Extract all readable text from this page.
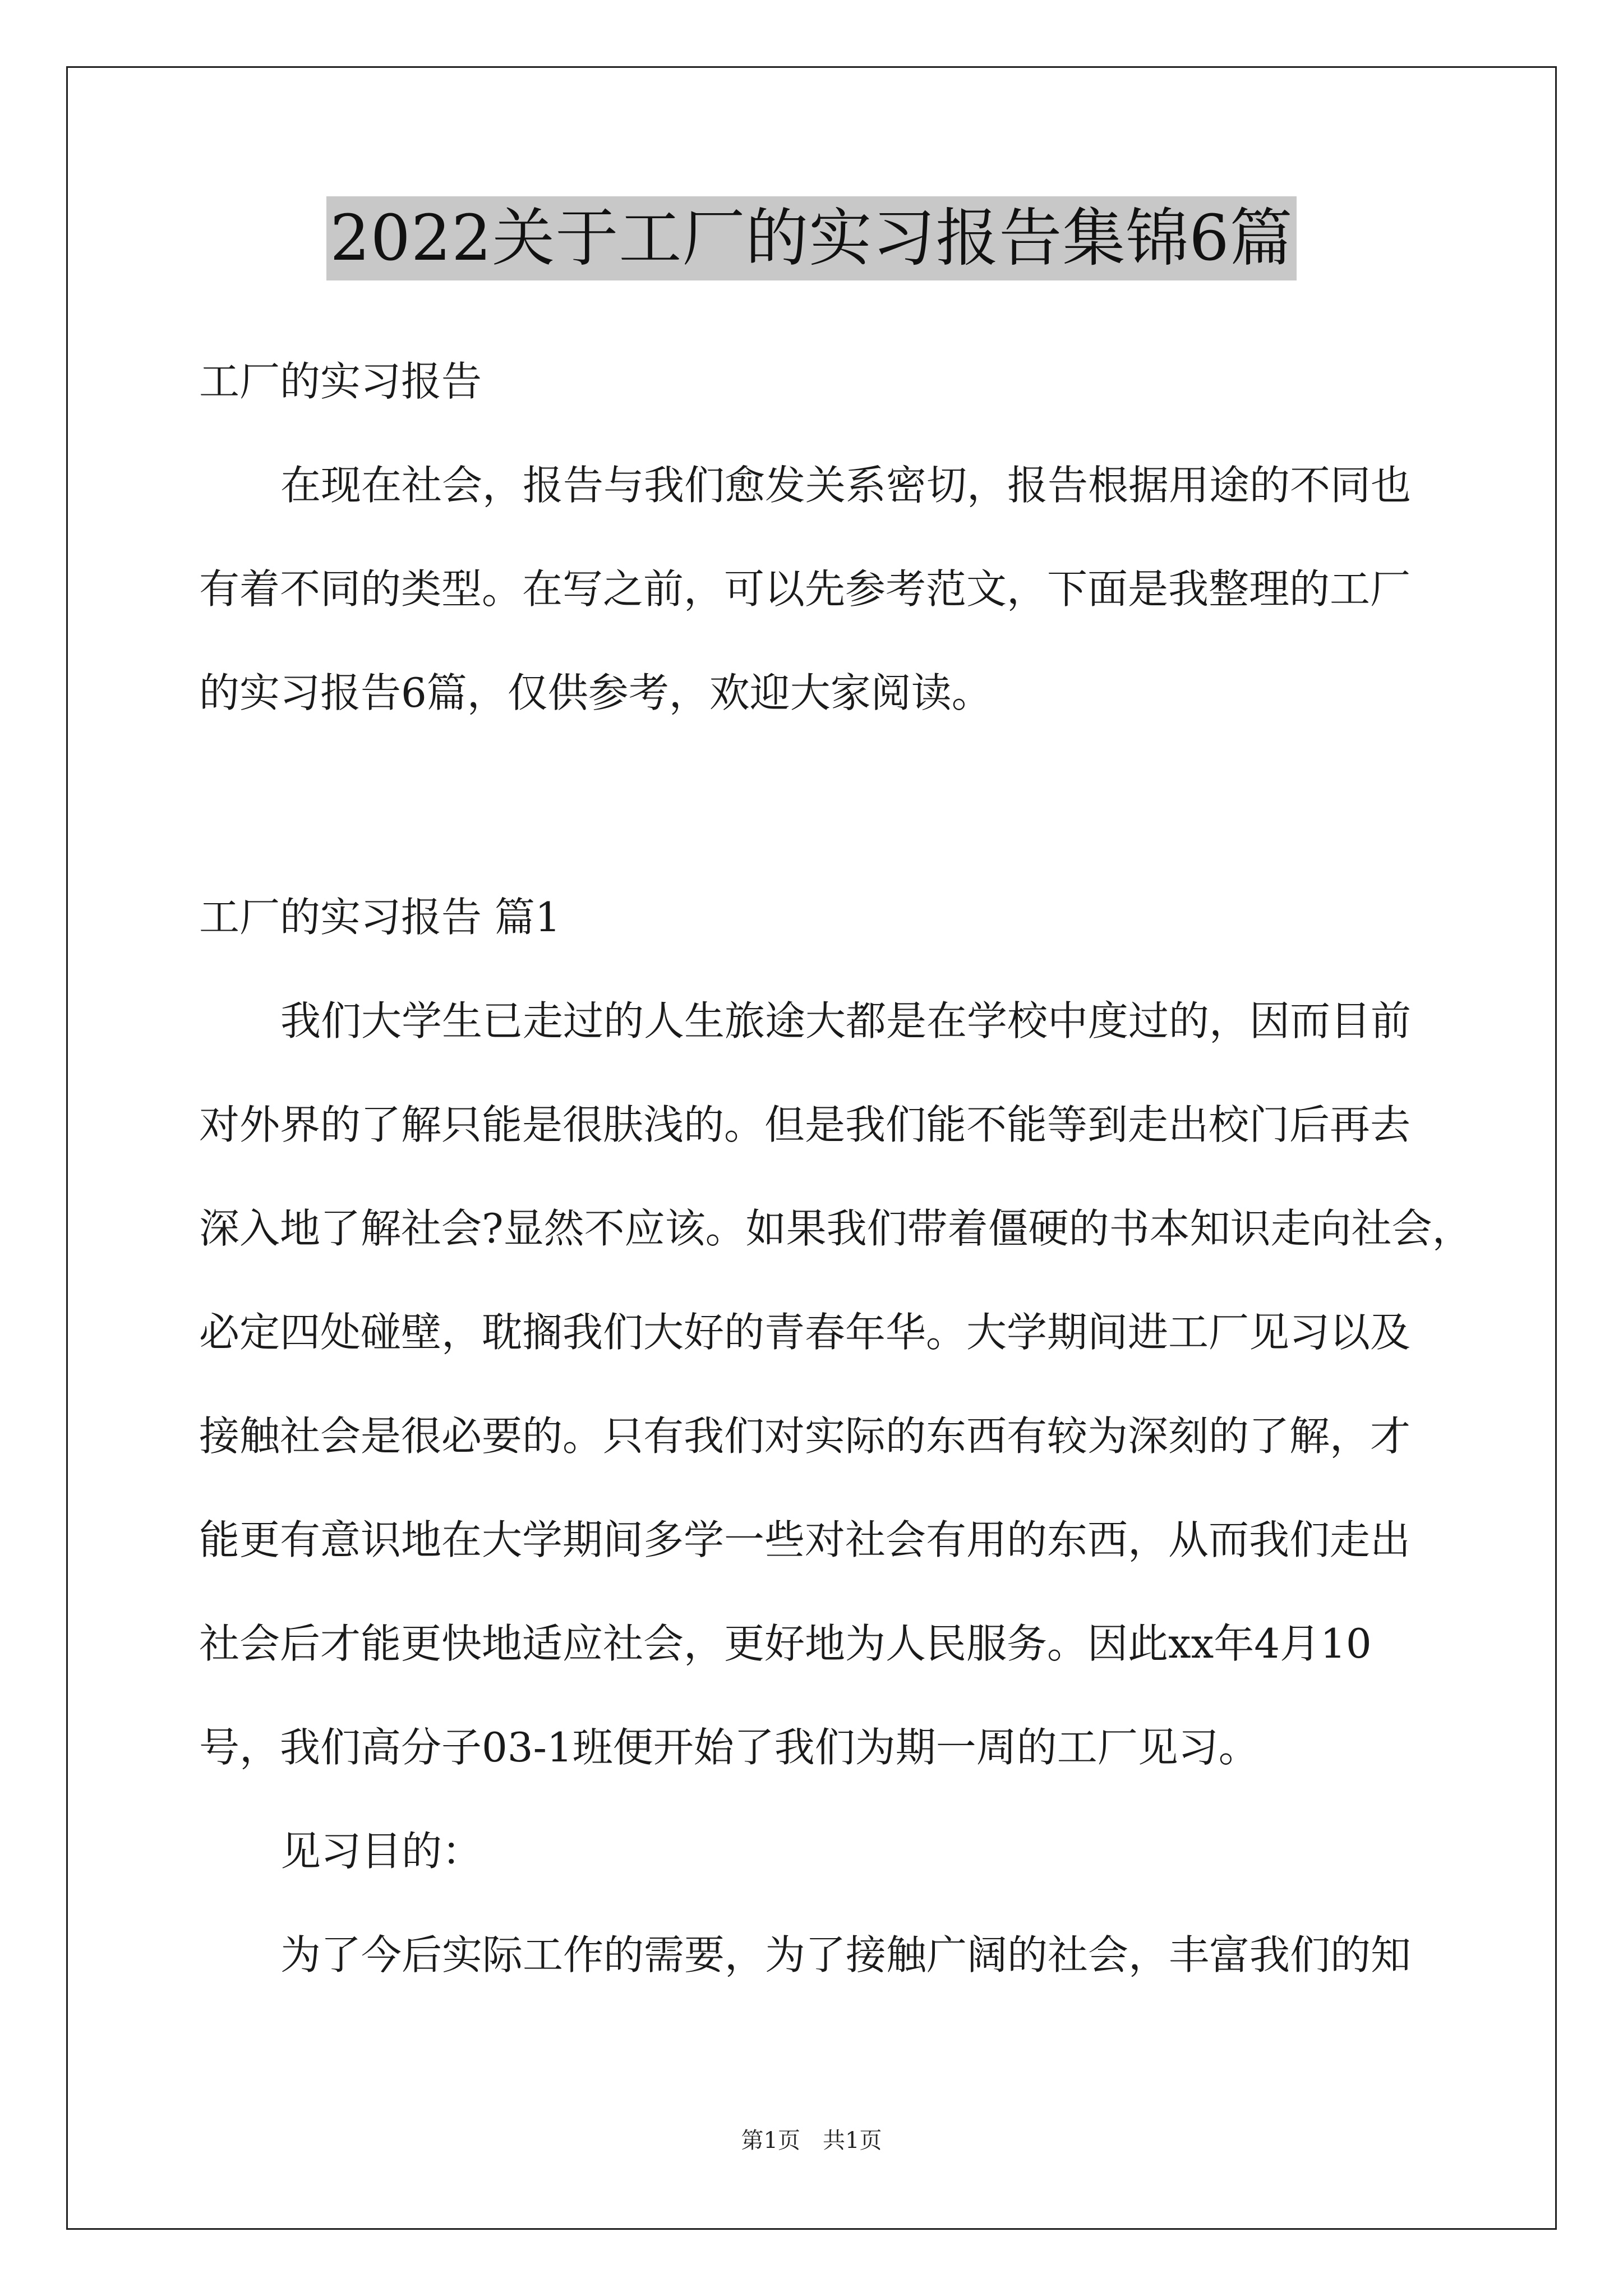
2022关于工厂的实习报告集锦6篇
工厂的实习报告
在现在社会，报告与我们愈发关系密切，报告根据用途的不同也
有着不同的类型。在写之前，可以先参考范文，下面是我整理的工厂
的实习报告6篇，仅供参考，欢迎大家阅读。
工厂的实习报告 篇1
我们大学生已走过的人生旅途大都是在学校中度过的，因而目前
对外界的了解只能是很肤浅的。但是我们能不能等到走出校门后再去
深入地了解社会?显然不应该。如果我们带着僵硬的书本知识走向社会，
必定四处碰壁，耽搁我们大好的青春年华。大学期间进工厂见习以及
接触社会是很必要的。只有我们对实际的东西有较为深刻的了解，才
能更有意识地在大学期间多学一些对社会有用的东西，从而我们走出
社会后才能更快地适应社会，更好地为人民服务。因此xx年4月10
号，我们高分子03-1班便开始了我们为期一周的工厂见习。
见习目的：
为了今后实际工作的需要，为了接触广阔的社会，丰富我们的知
第1页 共1页
